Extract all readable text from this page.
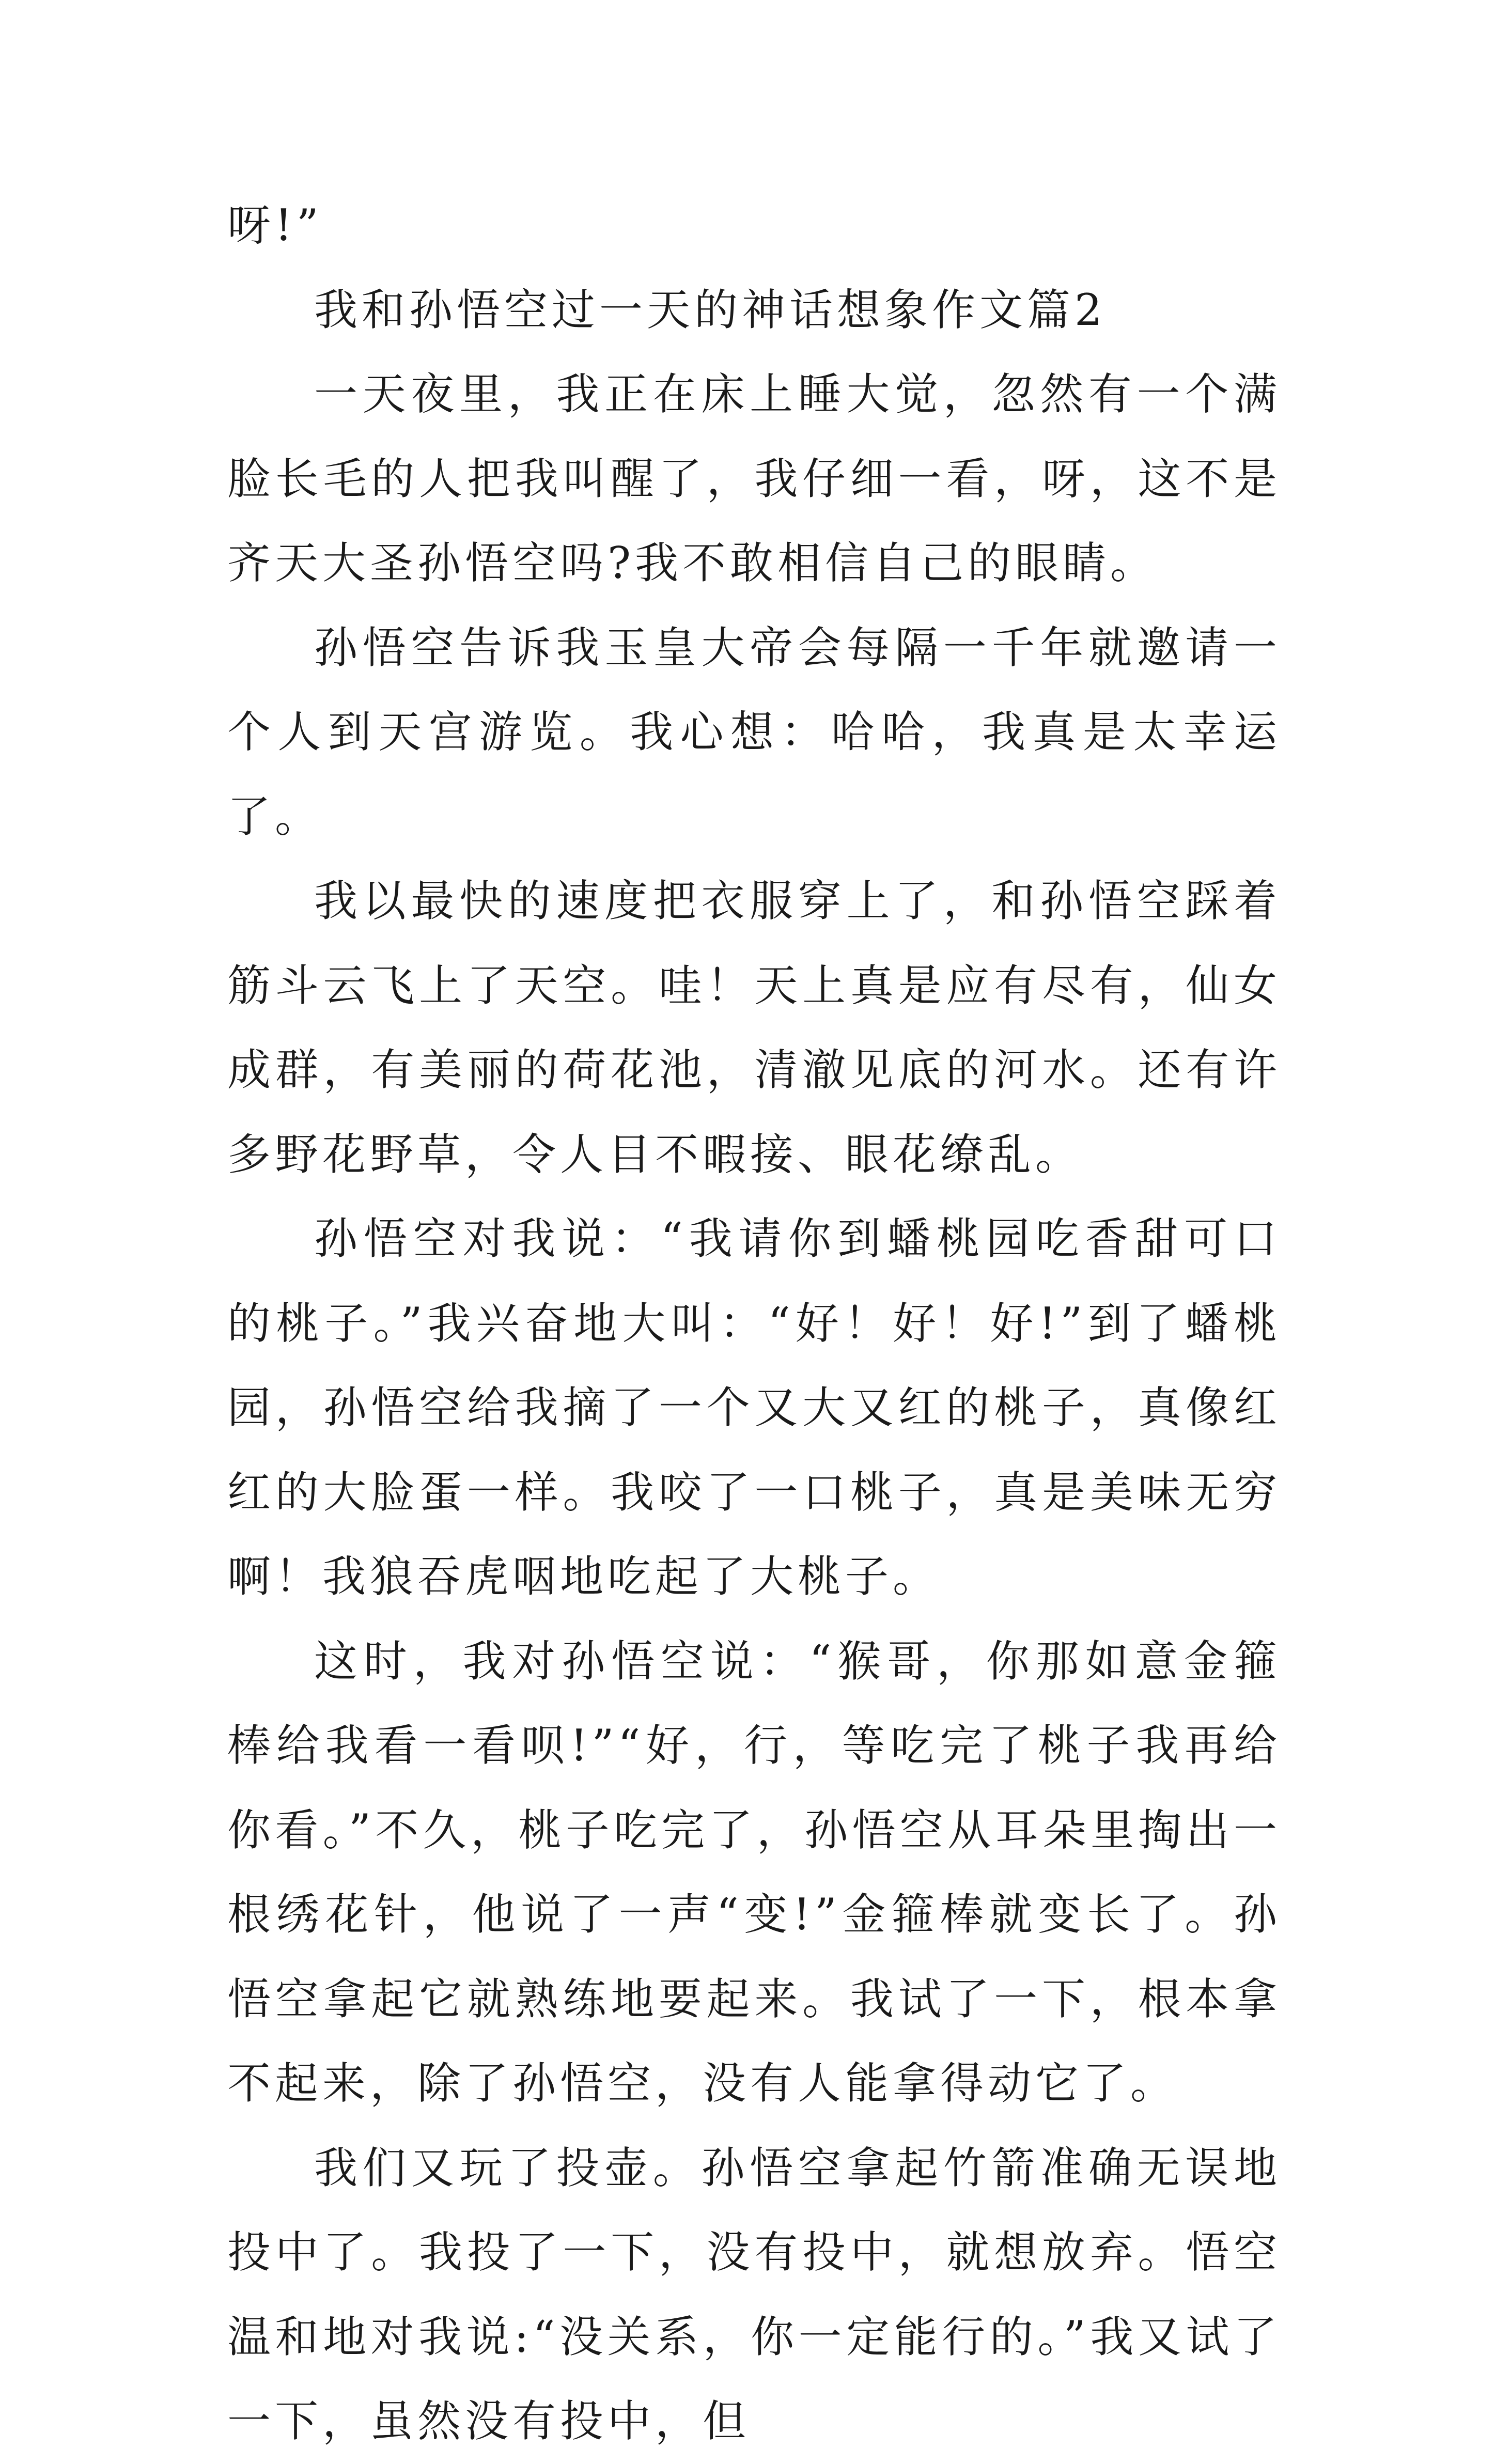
呀!”

我和孙悟空过一天的神话想象作文篇2

一天夜里，我正在床上睡大觉，忽然有一个满脸长毛的人把我叫醒了，我仔细一看，呀，这不是齐天大圣孙悟空吗?我不敢相信自己的眼睛。

孙悟空告诉我玉皇大帝会每隔一千年就邀请一个人到天宫游览。我心想：哈哈，我真是太幸运了。

我以最快的速度把衣服穿上了，和孙悟空踩着筋斗云飞上了天空。哇！天上真是应有尽有，仙女成群，有美丽的荷花池，清澈见底的河水。还有许多野花野草，令人目不暇接、眼花缭乱。

孙悟空对我说：“我请你到蟠桃园吃香甜可口的桃子。”我兴奋地大叫：“好！好！好!”到了蟠桃园，孙悟空给我摘了一个又大又红的桃子，真像红红的大脸蛋一样。我咬了一口桃子，真是美味无穷啊！我狼吞虎咽地吃起了大桃子。

这时，我对孙悟空说：“猴哥，你那如意金箍棒给我看一看呗!”“好，行，等吃完了桃子我再给你看。”不久，桃子吃完了，孙悟空从耳朵里掏出一根绣花针，他说了一声“变!”金箍棒就变长了。孙悟空拿起它就熟练地要起来。我试了一下，根本拿不起来，除了孙悟空，没有人能拿得动它了。

我们又玩了投壶。孙悟空拿起竹箭准确无误地投中了。我投了一下，没有投中，就想放弃。悟空温和地对我说:“没关系，你一定能行的。”我又试了一下，虽然没有投中，但
